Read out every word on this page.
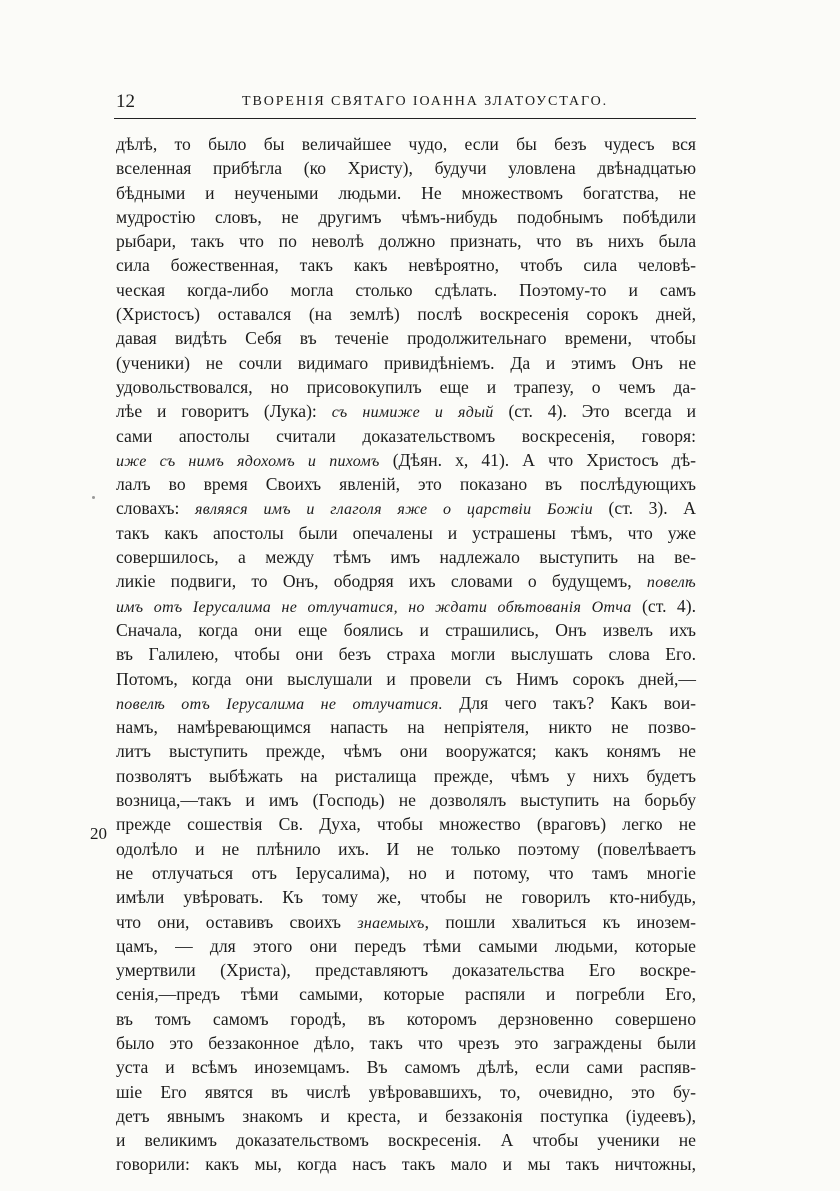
12	ТВОРЕНІЯ СВЯТАГО ІОАННА ЗЛАТОУСТАГО.
20
дѣлѣ, то было бы величайшее чудо, если бы безъ чудесъ вся
вселенная прибѣгла (ко Христу), будучи уловлена двѣнадцатью
бѣдными и неучеными людьми. Не множествомъ богатства, не
мудростію словъ, не другимъ чѣмъ-нибудь подобнымъ побѣдили
рыбари, такъ что по неволѣ должно признать, что въ нихъ была
сила божественная, такъ какъ невѣроятно, чтобъ сила человѣ-
ческая когда-либо могла столько сдѣлать. Поэтому-то и самъ
(Христосъ) оставался (на землѣ) послѣ воскресенія сорокъ дней,
давая видѣть Себя въ теченіе продолжительнаго времени, чтобы
(ученики) не сочли видимаго привидѣніемъ. Да и этимъ Онъ не
удовольствовался, но присовокупилъ еще и трапезу, о чемъ да-
лѣе и говоритъ (Лука): съ нимиже и ядый (ст. 4). Это всегда и
сами апостолы считали доказательствомъ воскресенія, говоря:
иже съ нимъ ядохомъ и пихомъ (Дѣян. x, 41). А что Христосъ дѣ-
лалъ во время Своихъ явленій, это показано въ послѣдующихъ
словахъ: являяся имъ и глаголя яже о царствіи Божіи (ст. 3). А
такъ какъ апостолы были опечалены и устрашены тѣмъ, что уже
совершилось, а между тѣмъ имъ надлежало выступить на ве-
ликіе подвиги, то Онъ, ободряя ихъ словами о будущемъ, повелѣ
имъ отъ Іерусалима не отлучатися, но ждати обѣтованія Отча (ст. 4).
Сначала, когда они еще боялись и страшились, Онъ извелъ ихъ
въ Галилею, чтобы они безъ страха могли выслушать слова Его.
Потомъ, когда они выслушали и провели съ Нимъ сорокъ дней,—
повелѣ отъ Іерусалима не отлучатися. Для чего такъ? Какъ вои-
намъ, намѣревающимся напасть на непріятеля, никто не позво-
литъ выступить прежде, чѣмъ они вооружатся; какъ конямъ не
позволятъ выбѣжать на ристалища прежде, чѣмъ у нихъ будетъ
возница,—такъ и имъ (Господь) не дозволялъ выступить на борьбу
прежде сошествія Св. Духа, чтобы множество (враговъ) легко не
одолѣло и не плѣнило ихъ. И не только поэтому (повелѣваетъ
не отлучаться отъ Іерусалима), но и потому, что тамъ многіе
имѣли увѣровать. Къ тому же, чтобы не говорилъ кто-нибудь,
что они, оставивъ своихъ знаемыхъ, пошли хвалиться къ инозем-
цамъ, — для этого они передъ тѣми самыми людьми, которые
умертвили (Христа), представляютъ доказательства Его воскре-
сенія,—предъ тѣми самыми, которые распяли и погребли Его,
въ томъ самомъ городѣ, въ которомъ дерзновенно совершено
было это беззаконное дѣло, такъ что чрезъ это заграждены были
уста и всѣмъ иноземцамъ. Въ самомъ дѣлѣ, если сами распяв-
шіе Его явятся въ числѣ увѣровавшихъ, то, очевидно, это бу-
детъ явнымъ знакомъ и креста, и беззаконія поступка (іудеевъ),
и великимъ доказательствомъ воскресенія. А чтобы ученики не
говорили: какъ мы, когда насъ такъ мало и мы такъ ничтожны,
